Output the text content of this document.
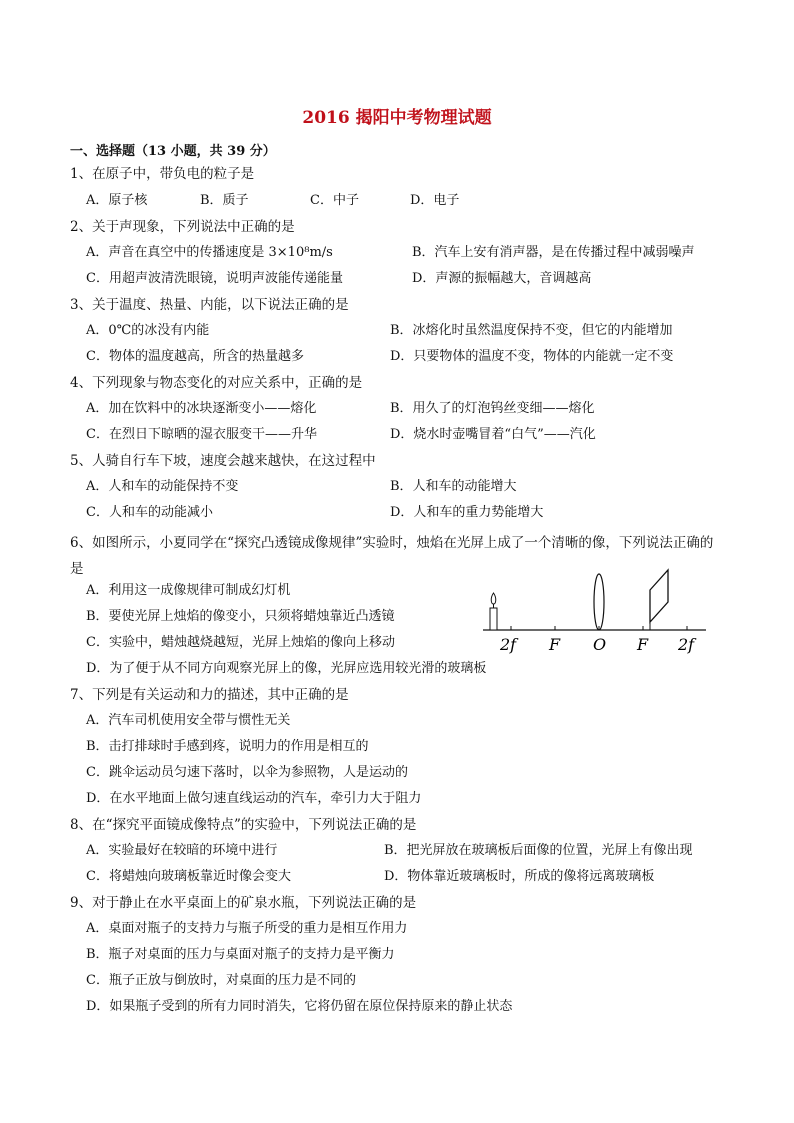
2016 揭阳中考物理试题
一、选择题（13 小题，共 39 分）
1、在原子中，带负电的粒子是
A．原子核	B．质子	C．中子	D．电子
2、关于声现象，下列说法中正确的是
A．声音在真空中的传播速度是 3×10⁸m/s	B．汽车上安有消声器，是在传播过程中减弱噪声
C．用超声波清洗眼镜，说明声波能传递能量	D．声源的振幅越大，音调越高
3、关于温度、热量、内能，以下说法正确的是
A．0℃的冰没有内能	B．冰熔化时虽然温度保持不变，但它的内能增加
C．物体的温度越高，所含的热量越多	D．只要物体的温度不变，物体的内能就一定不变
4、下列现象与物态变化的对应关系中，正确的是
A．加在饮料中的冰块逐渐变小——熔化	B．用久了的灯泡钨丝变细——熔化
C．在烈日下晾晒的湿衣服变干——升华	D．烧水时壶嘴冒着“白气”——汽化
5、人骑自行车下坡，速度会越来越快，在这过程中
A．人和车的动能保持不变	B．人和车的动能增大
C．人和车的动能减小	D．人和车的重力势能增大
6、如图所示，小夏同学在“探究凸透镜成像规律”实验时，烛焰在光屏上成了一个清晰的像，下列说法正确的是
A．利用这一成像规律可制成幻灯机
B．要使光屏上烛焰的像变小，只须将蜡烛靠近凸透镜
C．实验中，蜡烛越烧越短，光屏上烛焰的像向上移动
D．为了便于从不同方向观察光屏上的像，光屏应选用较光滑的玻璃板
2f F O F 2f
7、下列是有关运动和力的描述，其中正确的是
A．汽车司机使用安全带与惯性无关
B．击打排球时手感到疼，说明力的作用是相互的
C．跳伞运动员匀速下落时，以伞为参照物，人是运动的
D．在水平地面上做匀速直线运动的汽车，牵引力大于阻力
8、在“探究平面镜成像特点”的实验中，下列说法正确的是
A．实验最好在较暗的环境中进行	B．把光屏放在玻璃板后面像的位置，光屏上有像出现
C．将蜡烛向玻璃板靠近时像会变大	D．物体靠近玻璃板时，所成的像将远离玻璃板
9、对于静止在水平桌面上的矿泉水瓶，下列说法正确的是
A．桌面对瓶子的支持力与瓶子所受的重力是相互作用力
B．瓶子对桌面的压力与桌面对瓶子的支持力是平衡力
C．瓶子正放与倒放时，对桌面的压力是不同的
D．如果瓶子受到的所有力同时消失，它将仍留在原位保持原来的静止状态
